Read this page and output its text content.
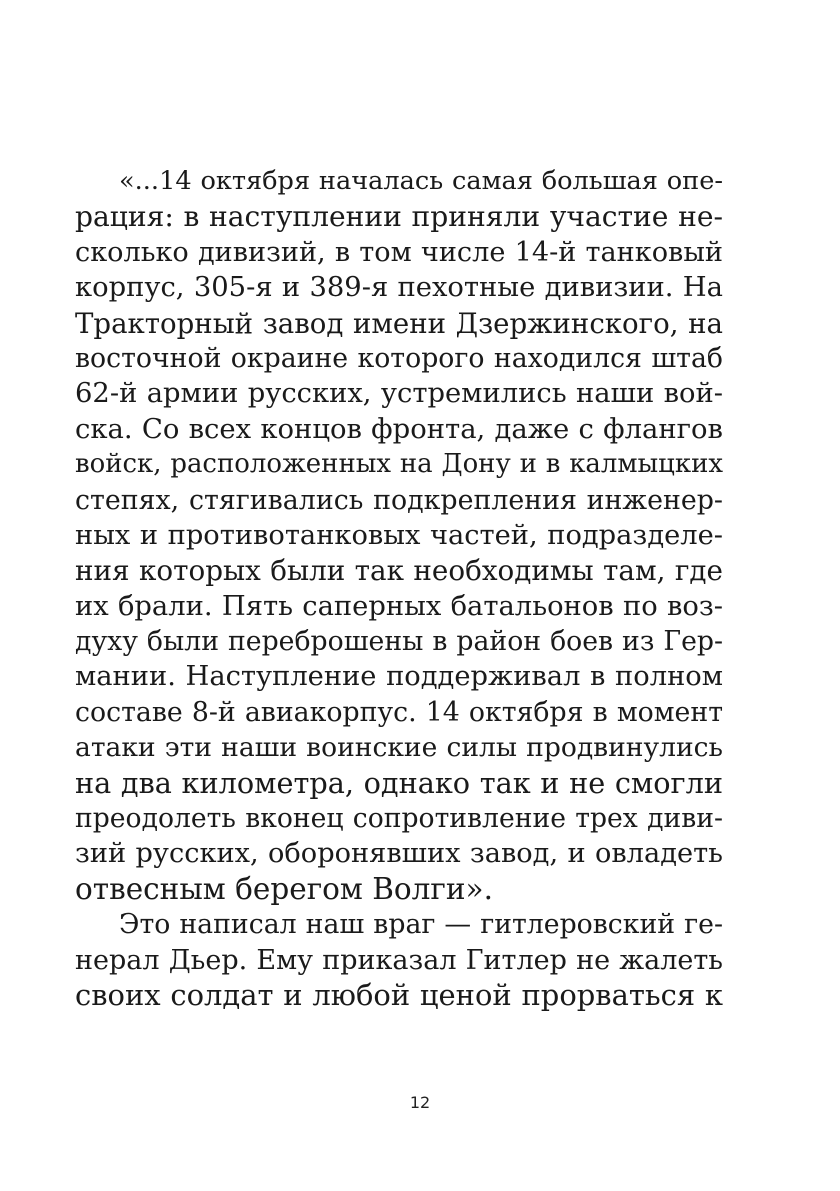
«...14 октября началась самая большая опе-
рация: в наступлении приняли участие не-
сколько дивизий, в том числе 14-й танковый
корпус, 305-я и 389-я пехотные дивизии. На
Тракторный завод имени Дзержинского, на
восточной окраине которого находился штаб
62-й армии русских, устремились наши вой-
ска. Со всех концов фронта, даже с флангов
войск, расположенных на Дону и в калмыцких
степях, стягивались подкрепления инженер-
ных и противотанковых частей, подразделе-
ния которых были так необходимы там, где
их брали. Пять саперных батальонов по воз-
духу были переброшены в район боев из Гер-
мании. Наступление поддерживал в полном
составе 8-й авиакорпус. 14 октября в момент
атаки эти наши воинские силы продвинулись
на два километра, однако так и не смогли
преодолеть вконец сопротивление трех диви-
зий русских, оборонявших завод, и овладеть
отвесным берегом Волги».
Это написал наш враг — гитлеровский ге-
нерал Дьер. Ему приказал Гитлер не жалеть
своих солдат и любой ценой прорваться к
12
